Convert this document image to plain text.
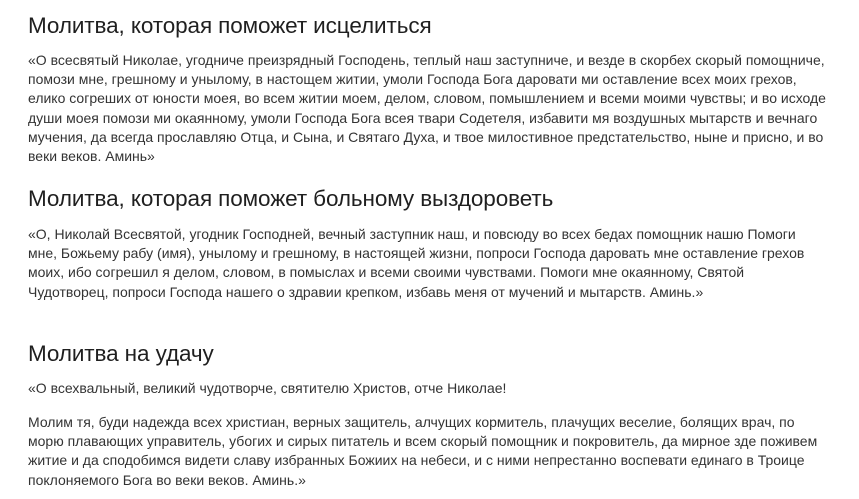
Молитва, которая поможет исцелиться

«О всесвятый Николае, угодниче преизрядный Господень, теплый наш заступниче, и везде в скорбех скорый помощниче, помози мне, грешному и унылому, в настощем житии, умоли Господа Бога даровати ми оставление всех моих грехов, елико согреших от юности моея, во всем житии моем, делом, словом, помышлением и всеми моими чувствы; и во исходе души моея помози ми окаянному, умоли Господа Бога всея твари Содетеля, избавити мя воздушных мытарств и вечнаго мучения, да всегда прославляю Отца, и Сына, и Святаго Духа, и твое милостивное предстательство, ныне и присно, и во веки веков. Аминь»

Молитва, которая поможет больному выздороветь

«О, Николай Всесвятой, угодник Господней, вечный заступник наш, и повсюду во всех бедах помощник нашю Помоги мне, Божьему рабу (имя), унылому и грешному, в настоящей жизни, попроси Господа даровать мне оставление грехов моих, ибо согрешил я делом, словом, в помыслах и всеми своими чувствами. Помоги мне окаянному, Святой Чудотворец, попроси Господа нашего о здравии крепком, избавь меня от мучений и мытарств. Аминь.»

Молитва на удачу

«О всехвальный, великий чудотворче, святителю Христов, отче Николае!

Молим тя, буди надежда всех христиан, верных защитель, алчущих кормитель, плачущих веселие, болящих врач, по морю плавающих управитель, убогих и сирых питатель и всем скорый помощник и покровитель, да мирное зде поживем житие и да сподобимся видети славу избранных Божиих на небеси, и с ними непрестанно воспевати единаго в Троице поклоняемого Бога во веки веков. Аминь.»
